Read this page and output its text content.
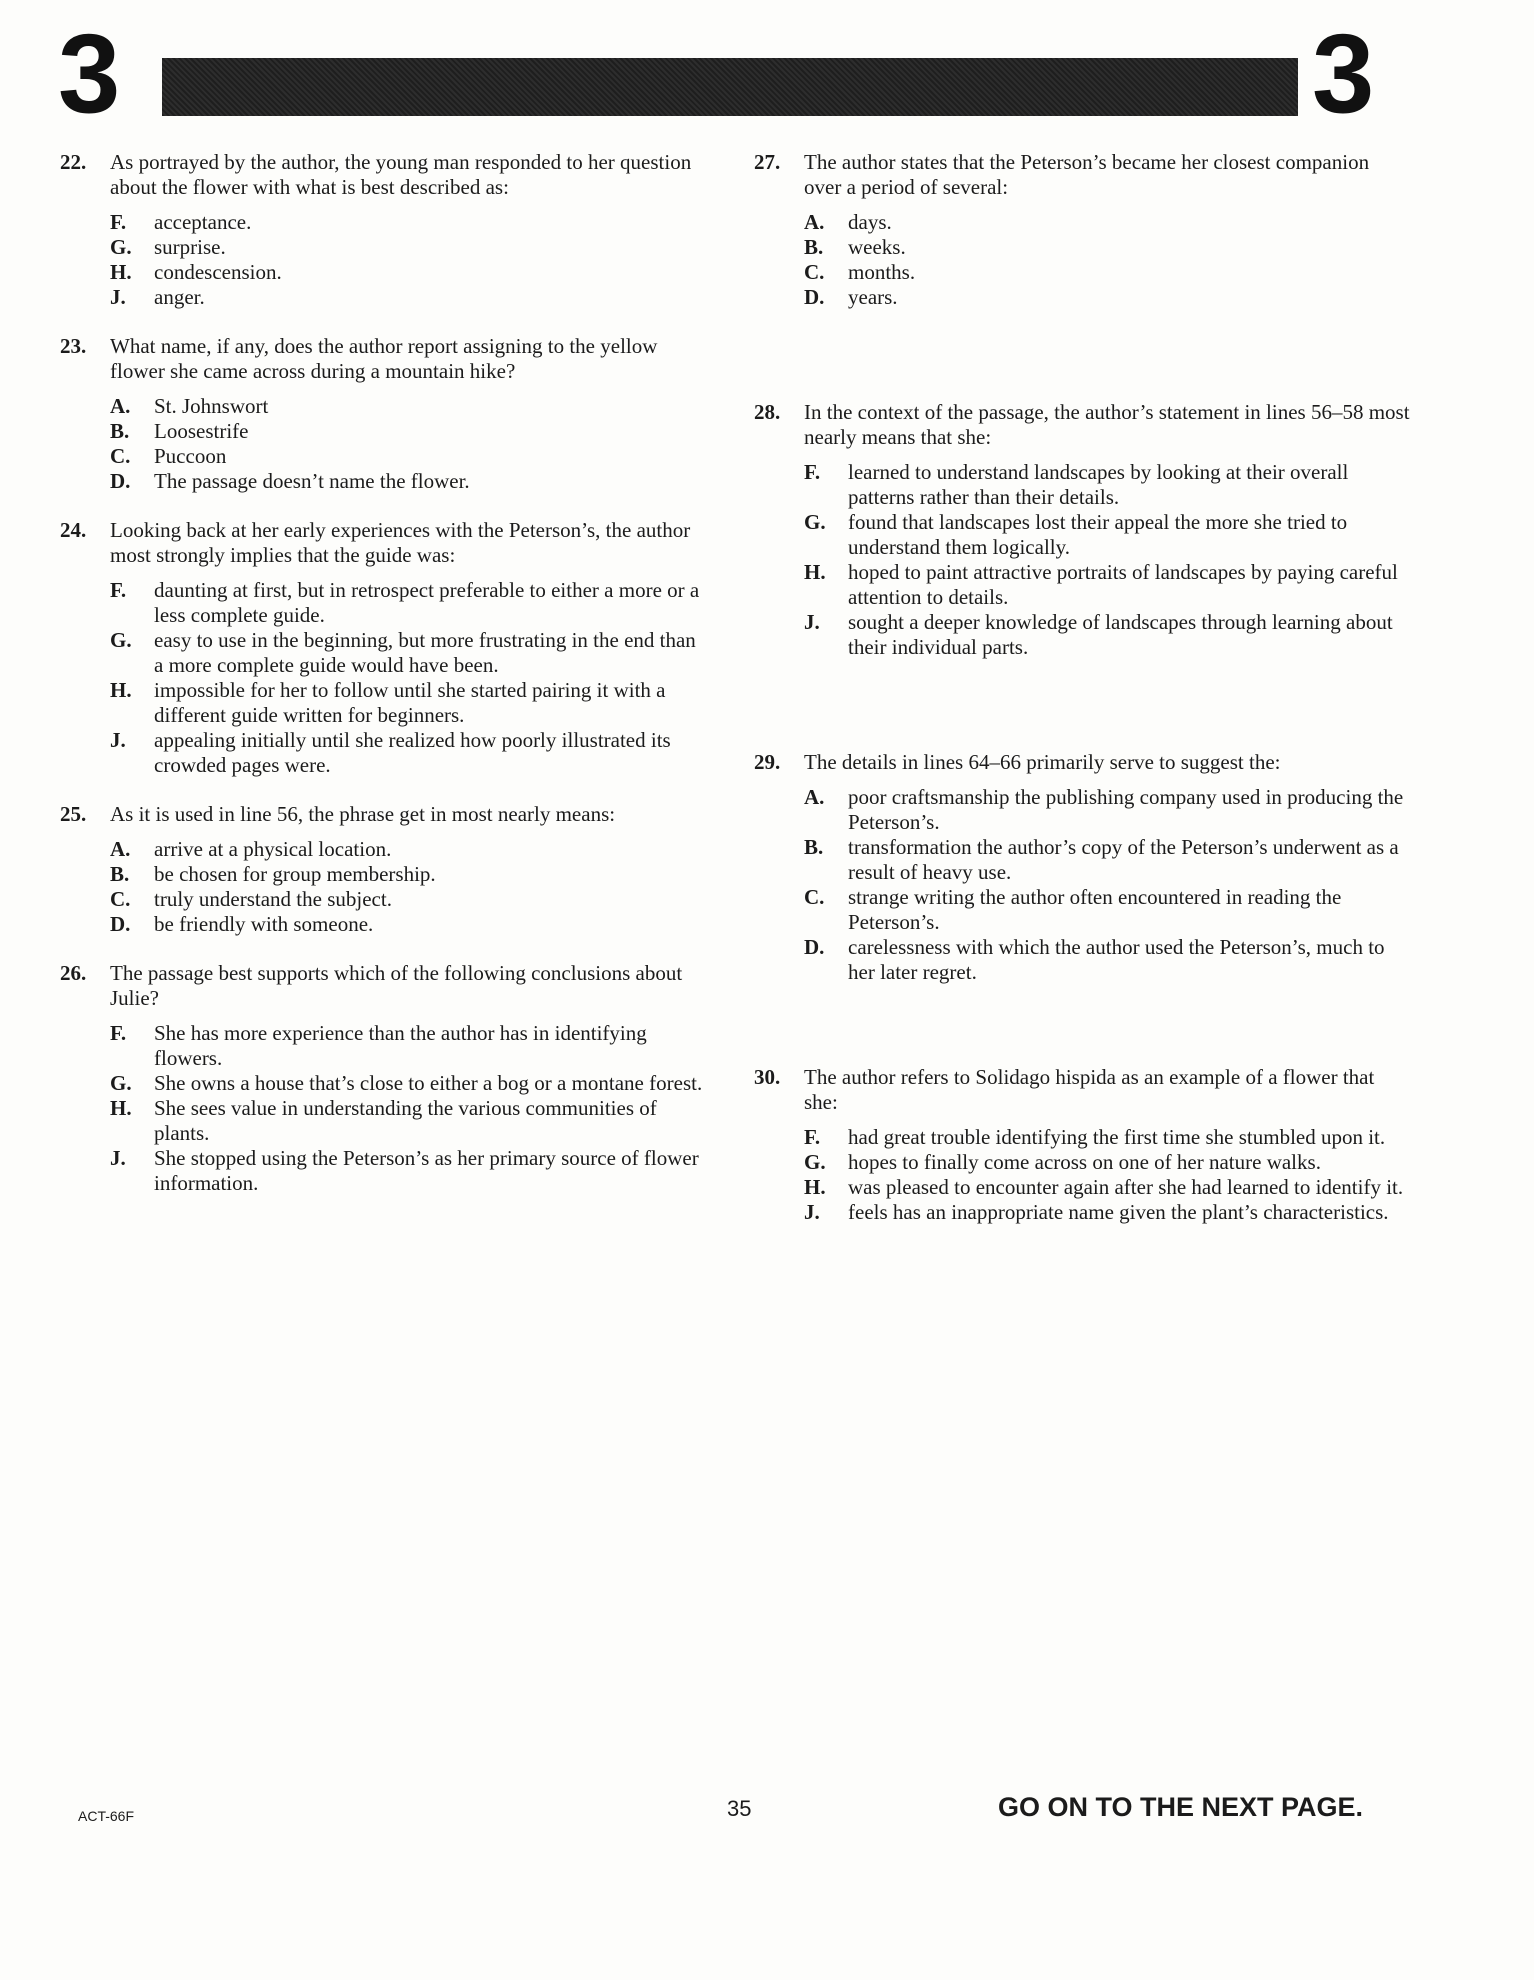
3	3
22. As portrayed by the author, the young man responded to her question about the flower with what is best described as:
F. acceptance.
G. surprise.
H. condescension.
J. anger.
23. What name, if any, does the author report assigning to the yellow flower she came across during a mountain hike?
A. St. Johnswort
B. Loosestrife
C. Puccoon
D. The passage doesn’t name the flower.
24. Looking back at her early experiences with the Peterson’s, the author most strongly implies that the guide was:
F. daunting at first, but in retrospect preferable to either a more or a less complete guide.
G. easy to use in the beginning, but more frustrating in the end than a more complete guide would have been.
H. impossible for her to follow until she started pairing it with a different guide written for beginners.
J. appealing initially until she realized how poorly illustrated its crowded pages were.
25. As it is used in line 56, the phrase get in most nearly means:
A. arrive at a physical location.
B. be chosen for group membership.
C. truly understand the subject.
D. be friendly with someone.
26. The passage best supports which of the following conclusions about Julie?
F. She has more experience than the author has in identifying flowers.
G. She owns a house that’s close to either a bog or a montane forest.
H. She sees value in understanding the various communities of plants.
J. She stopped using the Peterson’s as her primary source of flower information.
27. The author states that the Peterson’s became her closest companion over a period of several:
A. days.
B. weeks.
C. months.
D. years.
28. In the context of the passage, the author’s statement in lines 56–58 most nearly means that she:
F. learned to understand landscapes by looking at their overall patterns rather than their details.
G. found that landscapes lost their appeal the more she tried to understand them logically.
H. hoped to paint attractive portraits of landscapes by paying careful attention to details.
J. sought a deeper knowledge of landscapes through learning about their individual parts.
29. The details in lines 64–66 primarily serve to suggest the:
A. poor craftsmanship the publishing company used in producing the Peterson’s.
B. transformation the author’s copy of the Peterson’s underwent as a result of heavy use.
C. strange writing the author often encountered in reading the Peterson’s.
D. carelessness with which the author used the Peterson’s, much to her later regret.
30. The author refers to Solidago hispida as an example of a flower that she:
F. had great trouble identifying the first time she stumbled upon it.
G. hopes to finally come across on one of her nature walks.
H. was pleased to encounter again after she had learned to identify it.
J. feels has an inappropriate name given the plant’s characteristics.
ACT-66F	35	GO ON TO THE NEXT PAGE.
